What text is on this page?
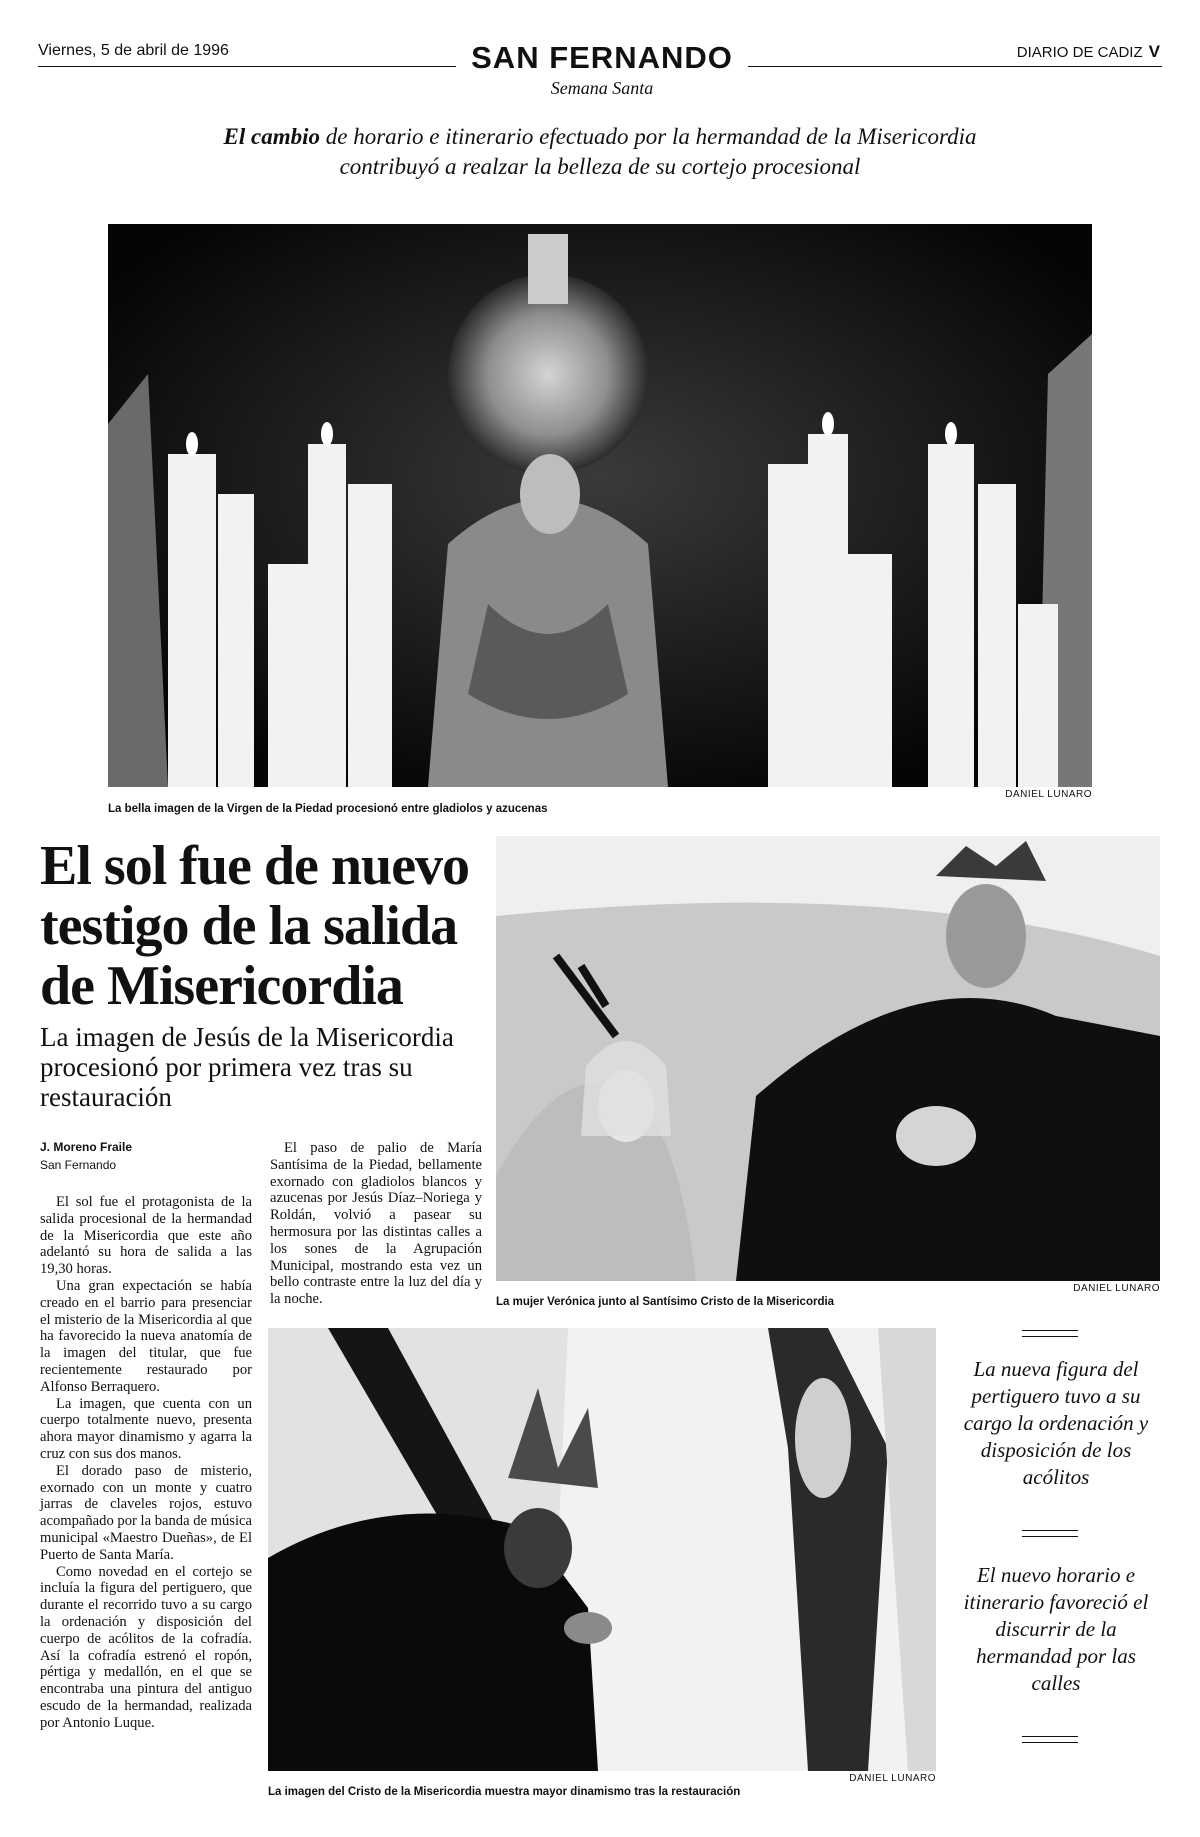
Viernes, 5 de abril de 1996	SAN FERNANDO
Semana Santa
DIARIO DE CADIZ V
El cambio de horario e itinerario efectuado por la hermandad de la Misericordia contribuyó a realzar la belleza de su cortejo procesional
DANIEL LUNARO
La bella imagen de la Virgen de la Piedad procesionó entre gladiolos y azucenas
El sol fue de nuevo testigo de la salida de Misericordia
La imagen de Jesús de la Misericordia procesionó por primera vez tras su restauración
DANIEL LUNARO
La mujer Verónica junto al Santísimo Cristo de la Misericordia
J. Moreno Fraile
San Fernando

El sol fue el protagonista de la salida procesional de la hermandad de la Misericordia que este año adelantó su hora de salida a las 19,30 horas.

Una gran expectación se había creado en el barrio para presenciar el misterio de la Misericordia al que ha favorecido la nueva anatomía de la imagen del titular, que fue recientemente restaurado por Alfonso Berraquero.

La imagen, que cuenta con un cuerpo totalmente nuevo, presenta ahora mayor dinamismo y agarra la cruz con sus dos manos.

El dorado paso de misterio, exornado con un monte y cuatro jarras de claveles rojos, estuvo acompañado por la banda de música municipal «Maestro Dueñas», de El Puerto de Santa María.

Como novedad en el cortejo se incluía la figura del pertiguero, que durante el recorrido tuvo a su cargo la ordenación y disposición del cuerpo de acólitos de la cofradía. Así la cofradía estrenó el ropón, pértiga y medallón, en el que se encontraba una pintura del antiguo escudo de la hermandad, realizada por Antonio Luque.

El paso de palio de María Santísima de la Piedad, bellamente exornado con gladiolos blancos y azucenas por Jesús Díaz–Noriega y Roldán, volvió a pasear su hermosura por las distintas calles a los sones de la Agrupación Municipal, mostrando esta vez un bello contraste entre la luz del día y la noche.

DANIEL LUNARO
La imagen del Cristo de la Misericordia muestra mayor dinamismo tras la restauración
La nueva figura del pertiguero tuvo a su cargo la ordenación y disposición de los acólitos
El nuevo horario e itinerario favoreció el discurrir de la hermandad por las calles
